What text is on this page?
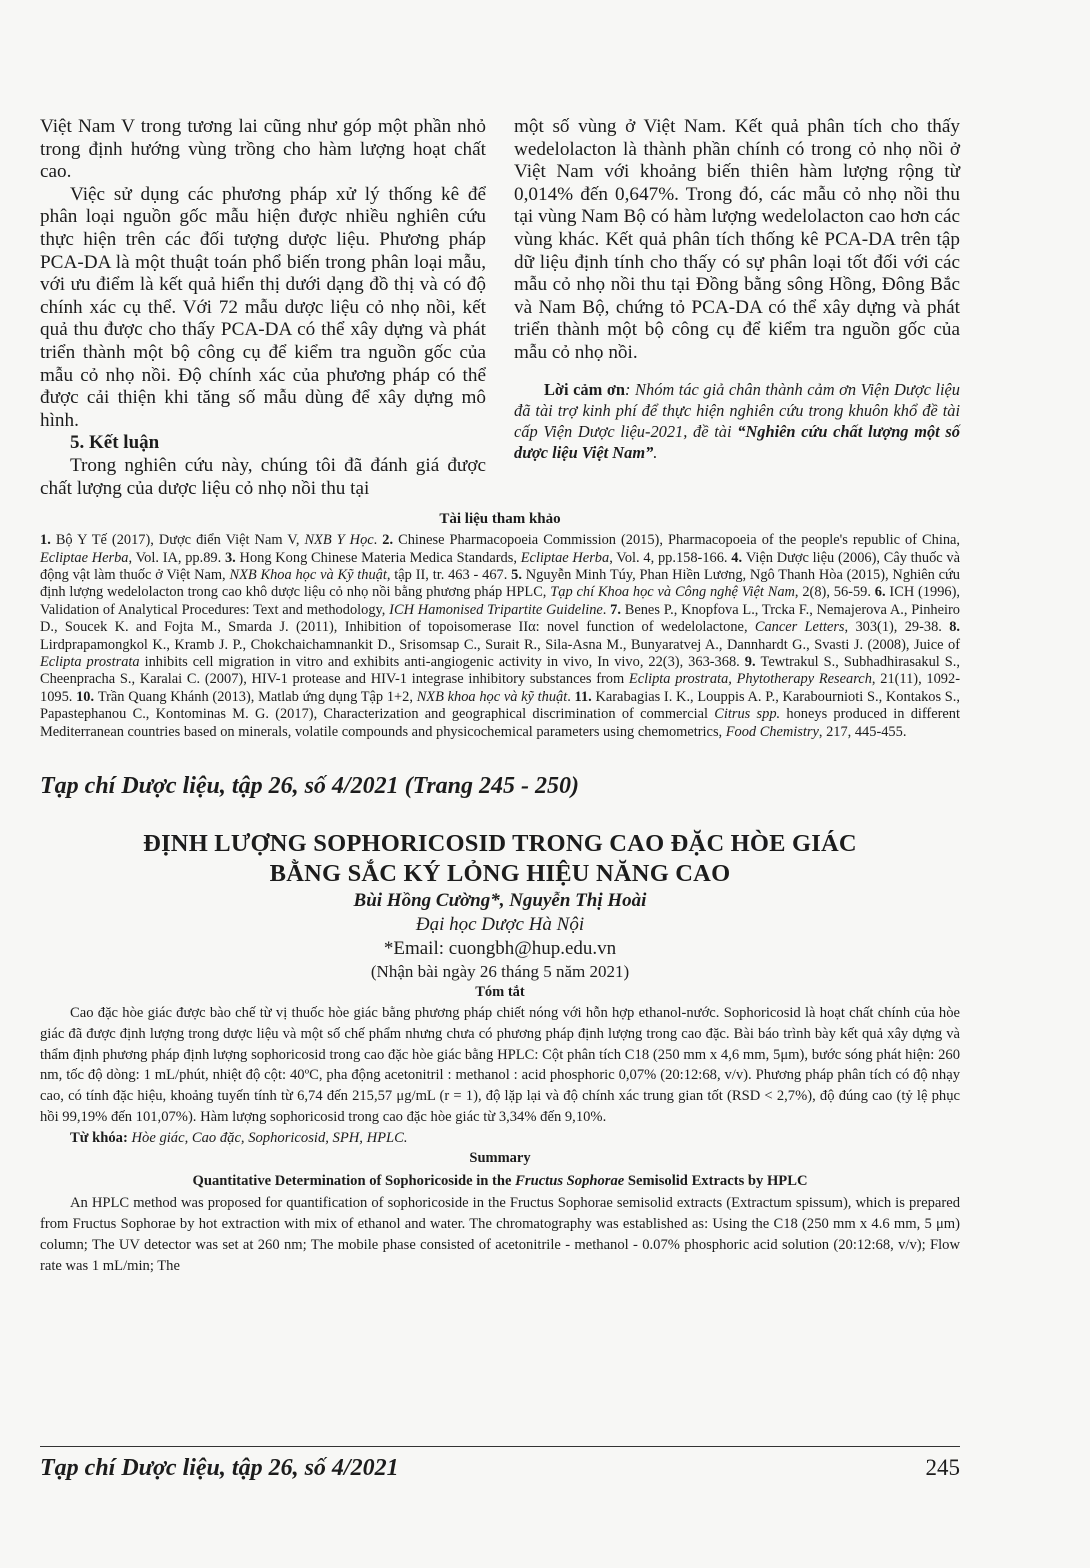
Việt Nam V trong tương lai cũng như góp một phần nhỏ trong định hướng vùng trồng cho hàm lượng hoạt chất cao.

Việc sử dụng các phương pháp xử lý thống kê để phân loại nguồn gốc mẫu hiện được nhiều nghiên cứu thực hiện trên các đối tượng dược liệu. Phương pháp PCA-DA là một thuật toán phổ biến trong phân loại mẫu, với ưu điểm là kết quả hiển thị dưới dạng đồ thị và có độ chính xác cụ thể. Với 72 mẫu dược liệu cỏ nhọ nồi, kết quả thu được cho thấy PCA-DA có thể xây dựng và phát triển thành một bộ công cụ để kiểm tra nguồn gốc của mẫu cỏ nhọ nồi. Độ chính xác của phương pháp có thể được cải thiện khi tăng số mẫu dùng để xây dựng mô hình.

5. Kết luận

Trong nghiên cứu này, chúng tôi đã đánh giá được chất lượng của dược liệu cỏ nhọ nồi thu tại

một số vùng ở Việt Nam. Kết quả phân tích cho thấy wedelolacton là thành phần chính có trong cỏ nhọ nồi ở Việt Nam với khoảng biến thiên hàm lượng rộng từ 0,014% đến 0,647%. Trong đó, các mẫu cỏ nhọ nồi thu tại vùng Nam Bộ có hàm lượng wedelolacton cao hơn các vùng khác. Kết quả phân tích thống kê PCA-DA trên tập dữ liệu định tính cho thấy có sự phân loại tốt đối với các mẫu cỏ nhọ nồi thu tại Đồng bằng sông Hồng, Đông Bắc và Nam Bộ, chứng tỏ PCA-DA có thể xây dựng và phát triển thành một bộ công cụ để kiểm tra nguồn gốc của mẫu cỏ nhọ nồi.

Lời cảm ơn: Nhóm tác giả chân thành cảm ơn Viện Dược liệu đã tài trợ kinh phí để thực hiện nghiên cứu trong khuôn khổ đề tài cấp Viện Dược liệu-2021, đề tài “Nghiên cứu chất lượng một số dược liệu Việt Nam”.

Tài liệu tham khảo
1. Bộ Y Tế (2017), Dược điển Việt Nam V, NXB Y Học. 2. Chinese Pharmacopoeia Commission (2015), Pharmacopoeia of the people's republic of China, Ecliptae Herba, Vol. IA, pp.89. 3. Hong Kong Chinese Materia Medica Standards, Ecliptae Herba, Vol. 4, pp.158-166. 4. Viện Dược liệu (2006), Cây thuốc và động vật làm thuốc ở Việt Nam, NXB Khoa học và Kỹ thuật, tập II, tr. 463 - 467. 5. Nguyễn Minh Túy, Phan Hiền Lương, Ngô Thanh Hòa (2015), Nghiên cứu định lượng wedelolacton trong cao khô dược liệu cỏ nhọ nồi bằng phương pháp HPLC, Tạp chí Khoa học và Công nghệ Việt Nam, 2(8), 56-59. 6. ICH (1996), Validation of Analytical Procedures: Text and methodology, ICH Hamonised Tripartite Guideline. 7. Benes P., Knopfova L., Trcka F., Nemajerova A., Pinheiro D., Soucek K. and Fojta M., Smarda J. (2011), Inhibition of topoisomerase IIα: novel function of wedelolactone, Cancer Letters, 303(1), 29-38. 8. Lirdprapamongkol K., Kramb J. P., Chokchaichamnankit D., Srisomsap C., Surait R., Sila-Asna M., Bunyaratvej A., Dannhardt G., Svasti J. (2008), Juice of Eclipta prostrata inhibits cell migration in vitro and exhibits anti-angiogenic activity in vivo, In vivo, 22(3), 363-368. 9. Tewtrakul S., Subhadhirasakul S., Cheenpracha S., Karalai C. (2007), HIV-1 protease and HIV-1 integrase inhibitory substances from Eclipta prostrata, Phytotherapy Research, 21(11), 1092-1095. 10. Trần Quang Khánh (2013), Matlab ứng dụng Tập 1+2, NXB khoa học và kỹ thuật. 11. Karabagias I. K., Louppis A. P., Karabournioti S., Kontakos S., Papastephanou C., Kontominas M. G. (2017), Characterization and geographical discrimination of commercial Citrus spp. honeys produced in different Mediterranean countries based on minerals, volatile compounds and physicochemical parameters using chemometrics, Food Chemistry, 217, 445-455.
Tạp chí Dược liệu, tập 26, số 4/2021 (Trang 245 - 250)
ĐỊNH LƯỢNG SOPHORICOSID TRONG CAO ĐẶC HÒE GIÁC
BẰNG SẮC KÝ LỎNG HIỆU NĂNG CAO
Bùi Hồng Cường*, Nguyễn Thị Hoài
Đại học Dược Hà Nội
*Email: cuongbh@hup.edu.vn
(Nhận bài ngày 26 tháng 5 năm 2021)
Tóm tắt

Cao đặc hòe giác được bào chế từ vị thuốc hòe giác bằng phương pháp chiết nóng với hỗn hợp ethanol-nước. Sophoricosid là hoạt chất chính của hòe giác đã được định lượng trong dược liệu và một số chế phẩm nhưng chưa có phương pháp định lượng trong cao đặc. Bài báo trình bày kết quả xây dựng và thẩm định phương pháp định lượng sophoricosid trong cao đặc hòe giác bằng HPLC: Cột phân tích C18 (250 mm x 4,6 mm, 5μm), bước sóng phát hiện: 260 nm, tốc độ dòng: 1 mL/phút, nhiệt độ cột: 40ºC, pha động acetonitril : methanol : acid phosphoric 0,07% (20:12:68, v/v). Phương pháp phân tích có độ nhạy cao, có tính đặc hiệu, khoảng tuyến tính từ 6,74 đến 215,57 μg/mL (r = 1), độ lặp lại và độ chính xác trung gian tốt (RSD < 2,7%), độ đúng cao (tỷ lệ phục hồi 99,19% đến 101,07%). Hàm lượng sophoricosid trong cao đặc hòe giác từ 3,34% đến 9,10%.

Từ khóa: Hòe giác, Cao đặc, Sophoricosid, SPH, HPLC.
Summary
Quantitative Determination of Sophoricoside in the Fructus Sophorae Semisolid Extracts by HPLC

An HPLC method was proposed for quantification of sophoricoside in the Fructus Sophorae semisolid extracts (Extractum spissum), which is prepared from Fructus Sophorae by hot extraction with mix of ethanol and water. The chromatography was established as: Using the C18 (250 mm x 4.6 mm, 5 μm) column; The UV detector was set at 260 nm; The mobile phase consisted of acetonitrile - methanol - 0.07% phosphoric acid solution (20:12:68, v/v); Flow rate was 1 mL/min; The

Tạp chí Dược liệu, tập 26, số 4/2021	245
